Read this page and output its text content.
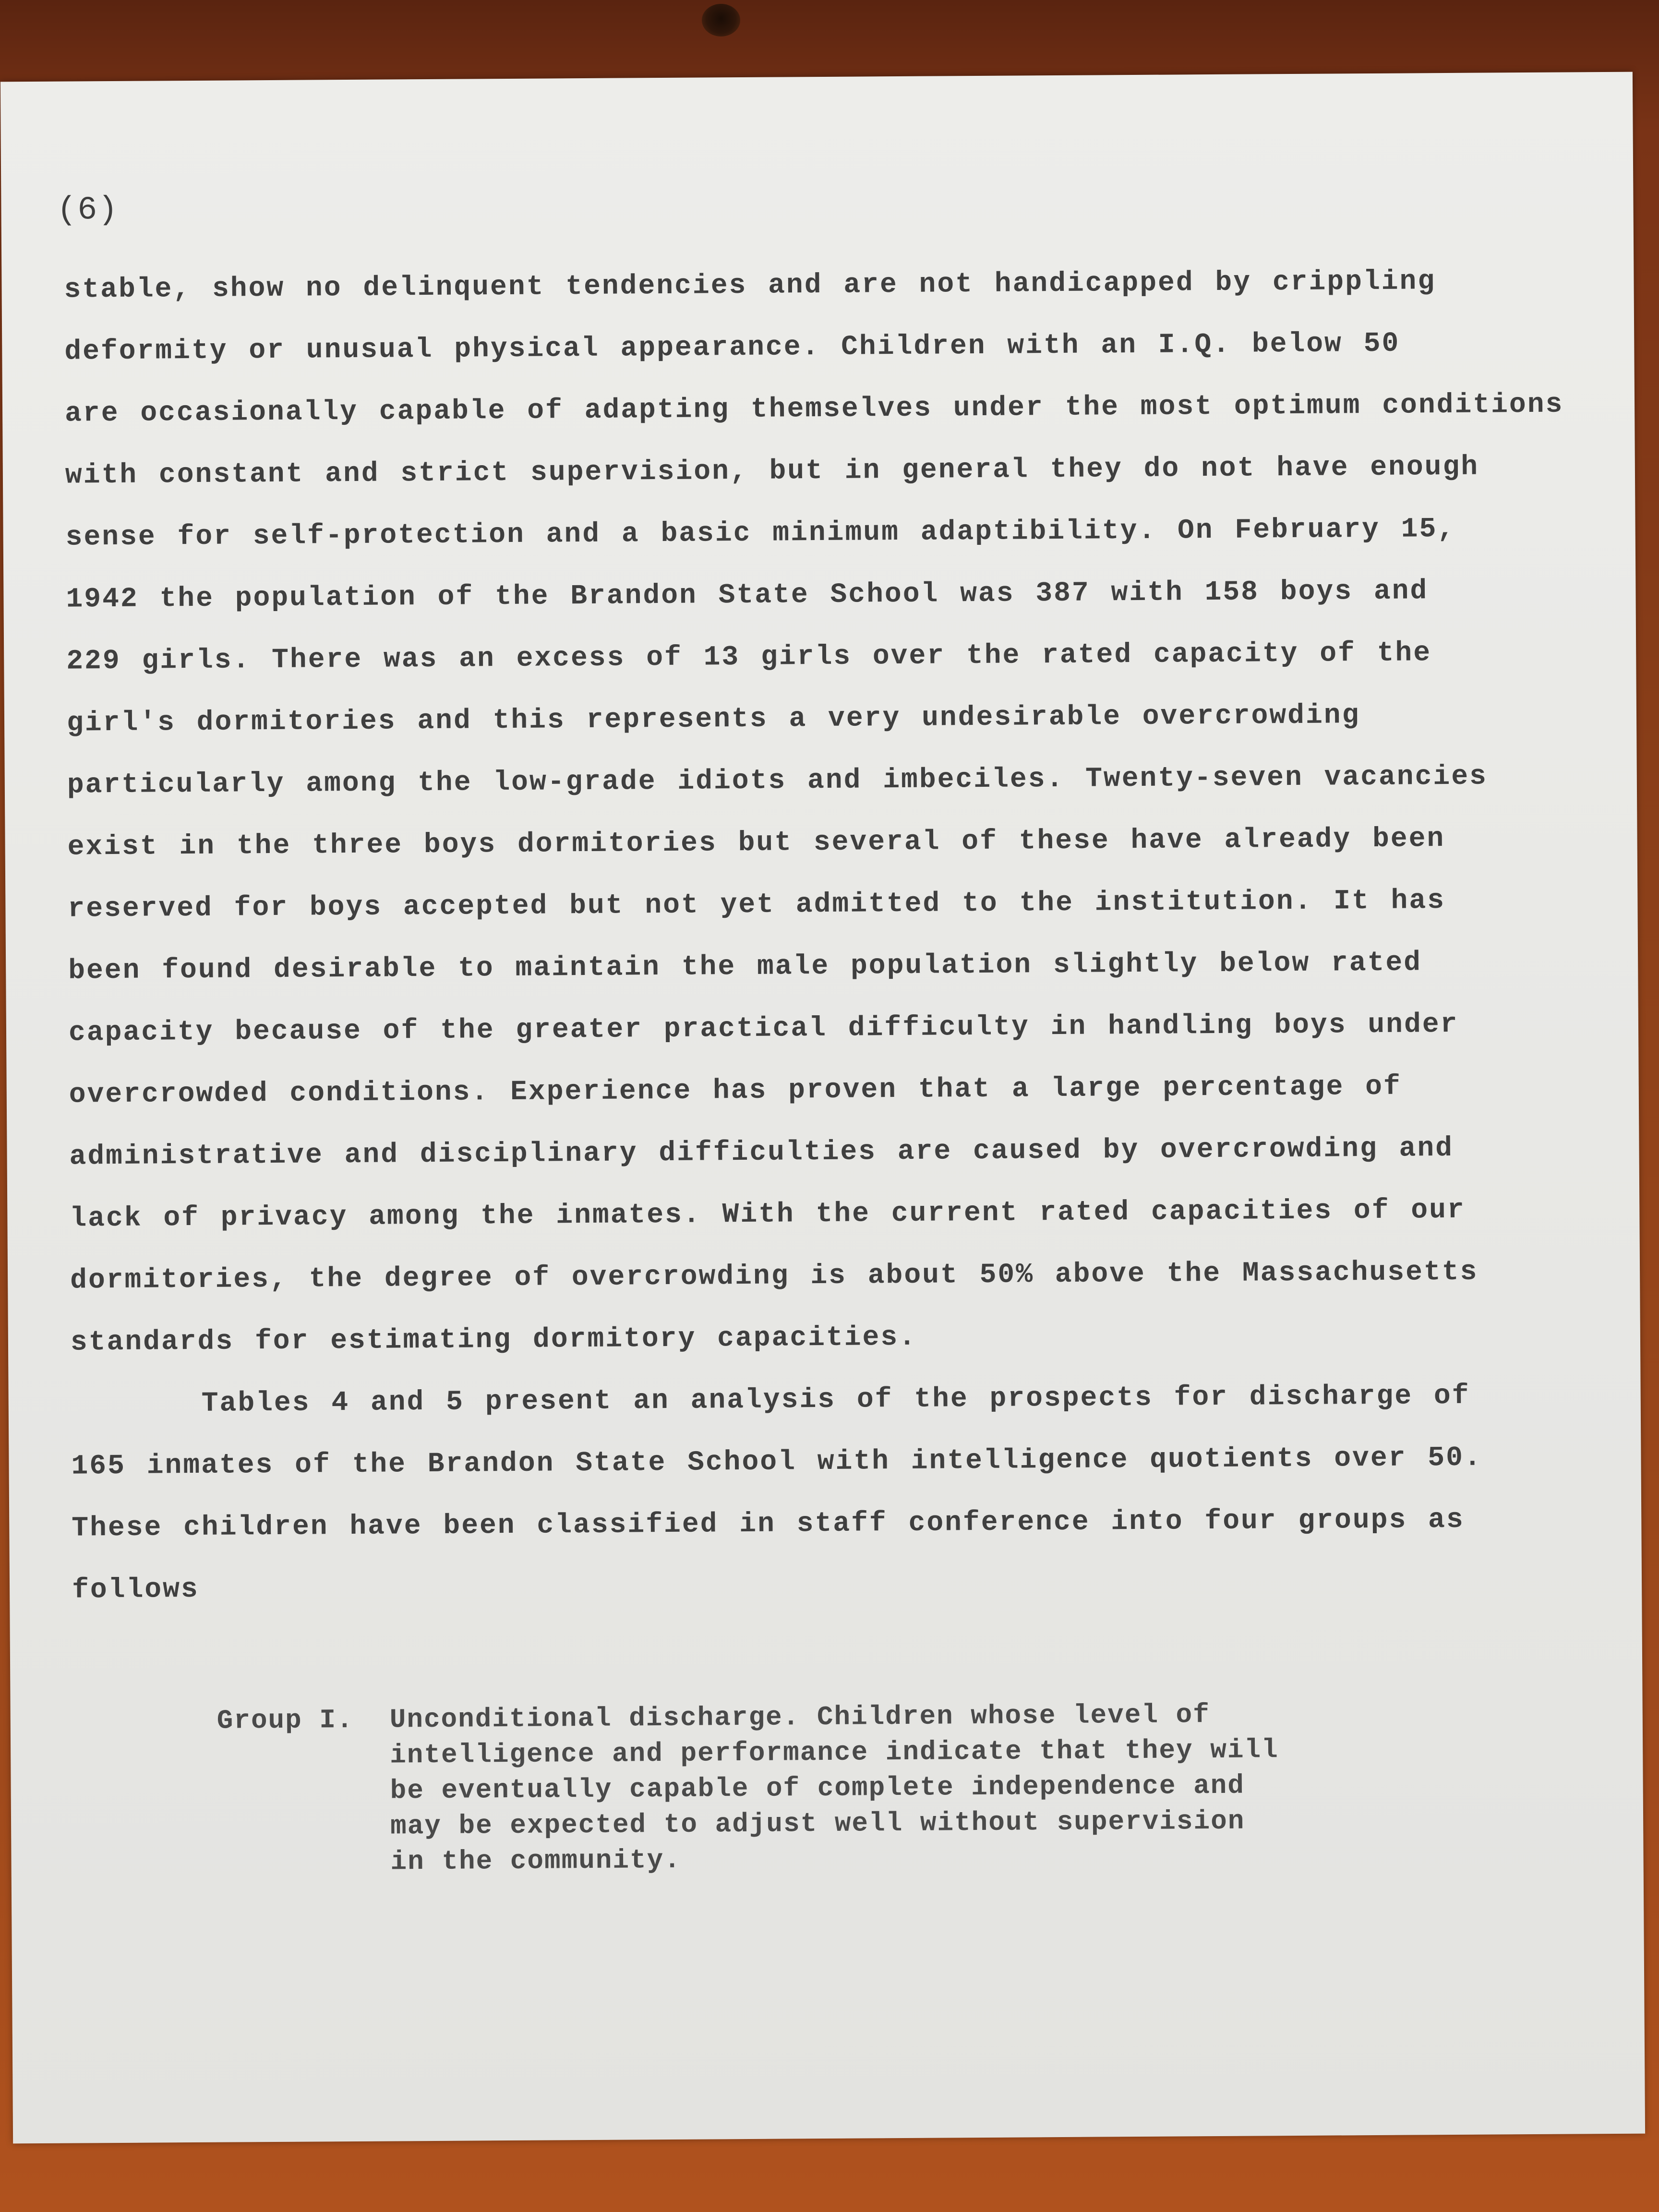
(6)
stable, show no delinquent tendencies and are not handicapped by crippling
deformity or unusual physical appearance. Children with an I.Q. below 50
are occasionally capable of adapting themselves under the most optimum conditions
with constant and strict supervision, but in general they do not have enough
sense for self-protection and a basic minimum adaptibility. On February 15,
1942 the population of the Brandon State School was 387 with 158 boys and
229 girls. There was an excess of 13 girls over the rated capacity of the
girl's dormitories and this represents a very undesirable overcrowding
particularly among the low-grade idiots and imbeciles. Twenty-seven vacancies
exist in the three boys dormitories but several of these have already been
reserved for boys accepted but not yet admitted to the institution. It has
been found desirable to maintain the male population slightly below rated
capacity because of the greater practical difficulty in handling boys under
overcrowded conditions. Experience has proven that a large percentage of
administrative and disciplinary difficulties are caused by overcrowding and
lack of privacy among the inmates. With the current rated capacities of our
dormitories, the degree of overcrowding is about 50% above the Massachusetts
standards for estimating dormitory capacities.
Tables 4 and 5 present an analysis of the prospects for discharge of
165 inmates of the Brandon State School with intelligence quotients over 50.
These children have been classified in staff conference into four groups as
follows
Group I.	Unconditional discharge. Children whose level of
intelligence and performance indicate that they will
be eventually capable of complete independence and
may be expected to adjust well without supervision
in the community.
